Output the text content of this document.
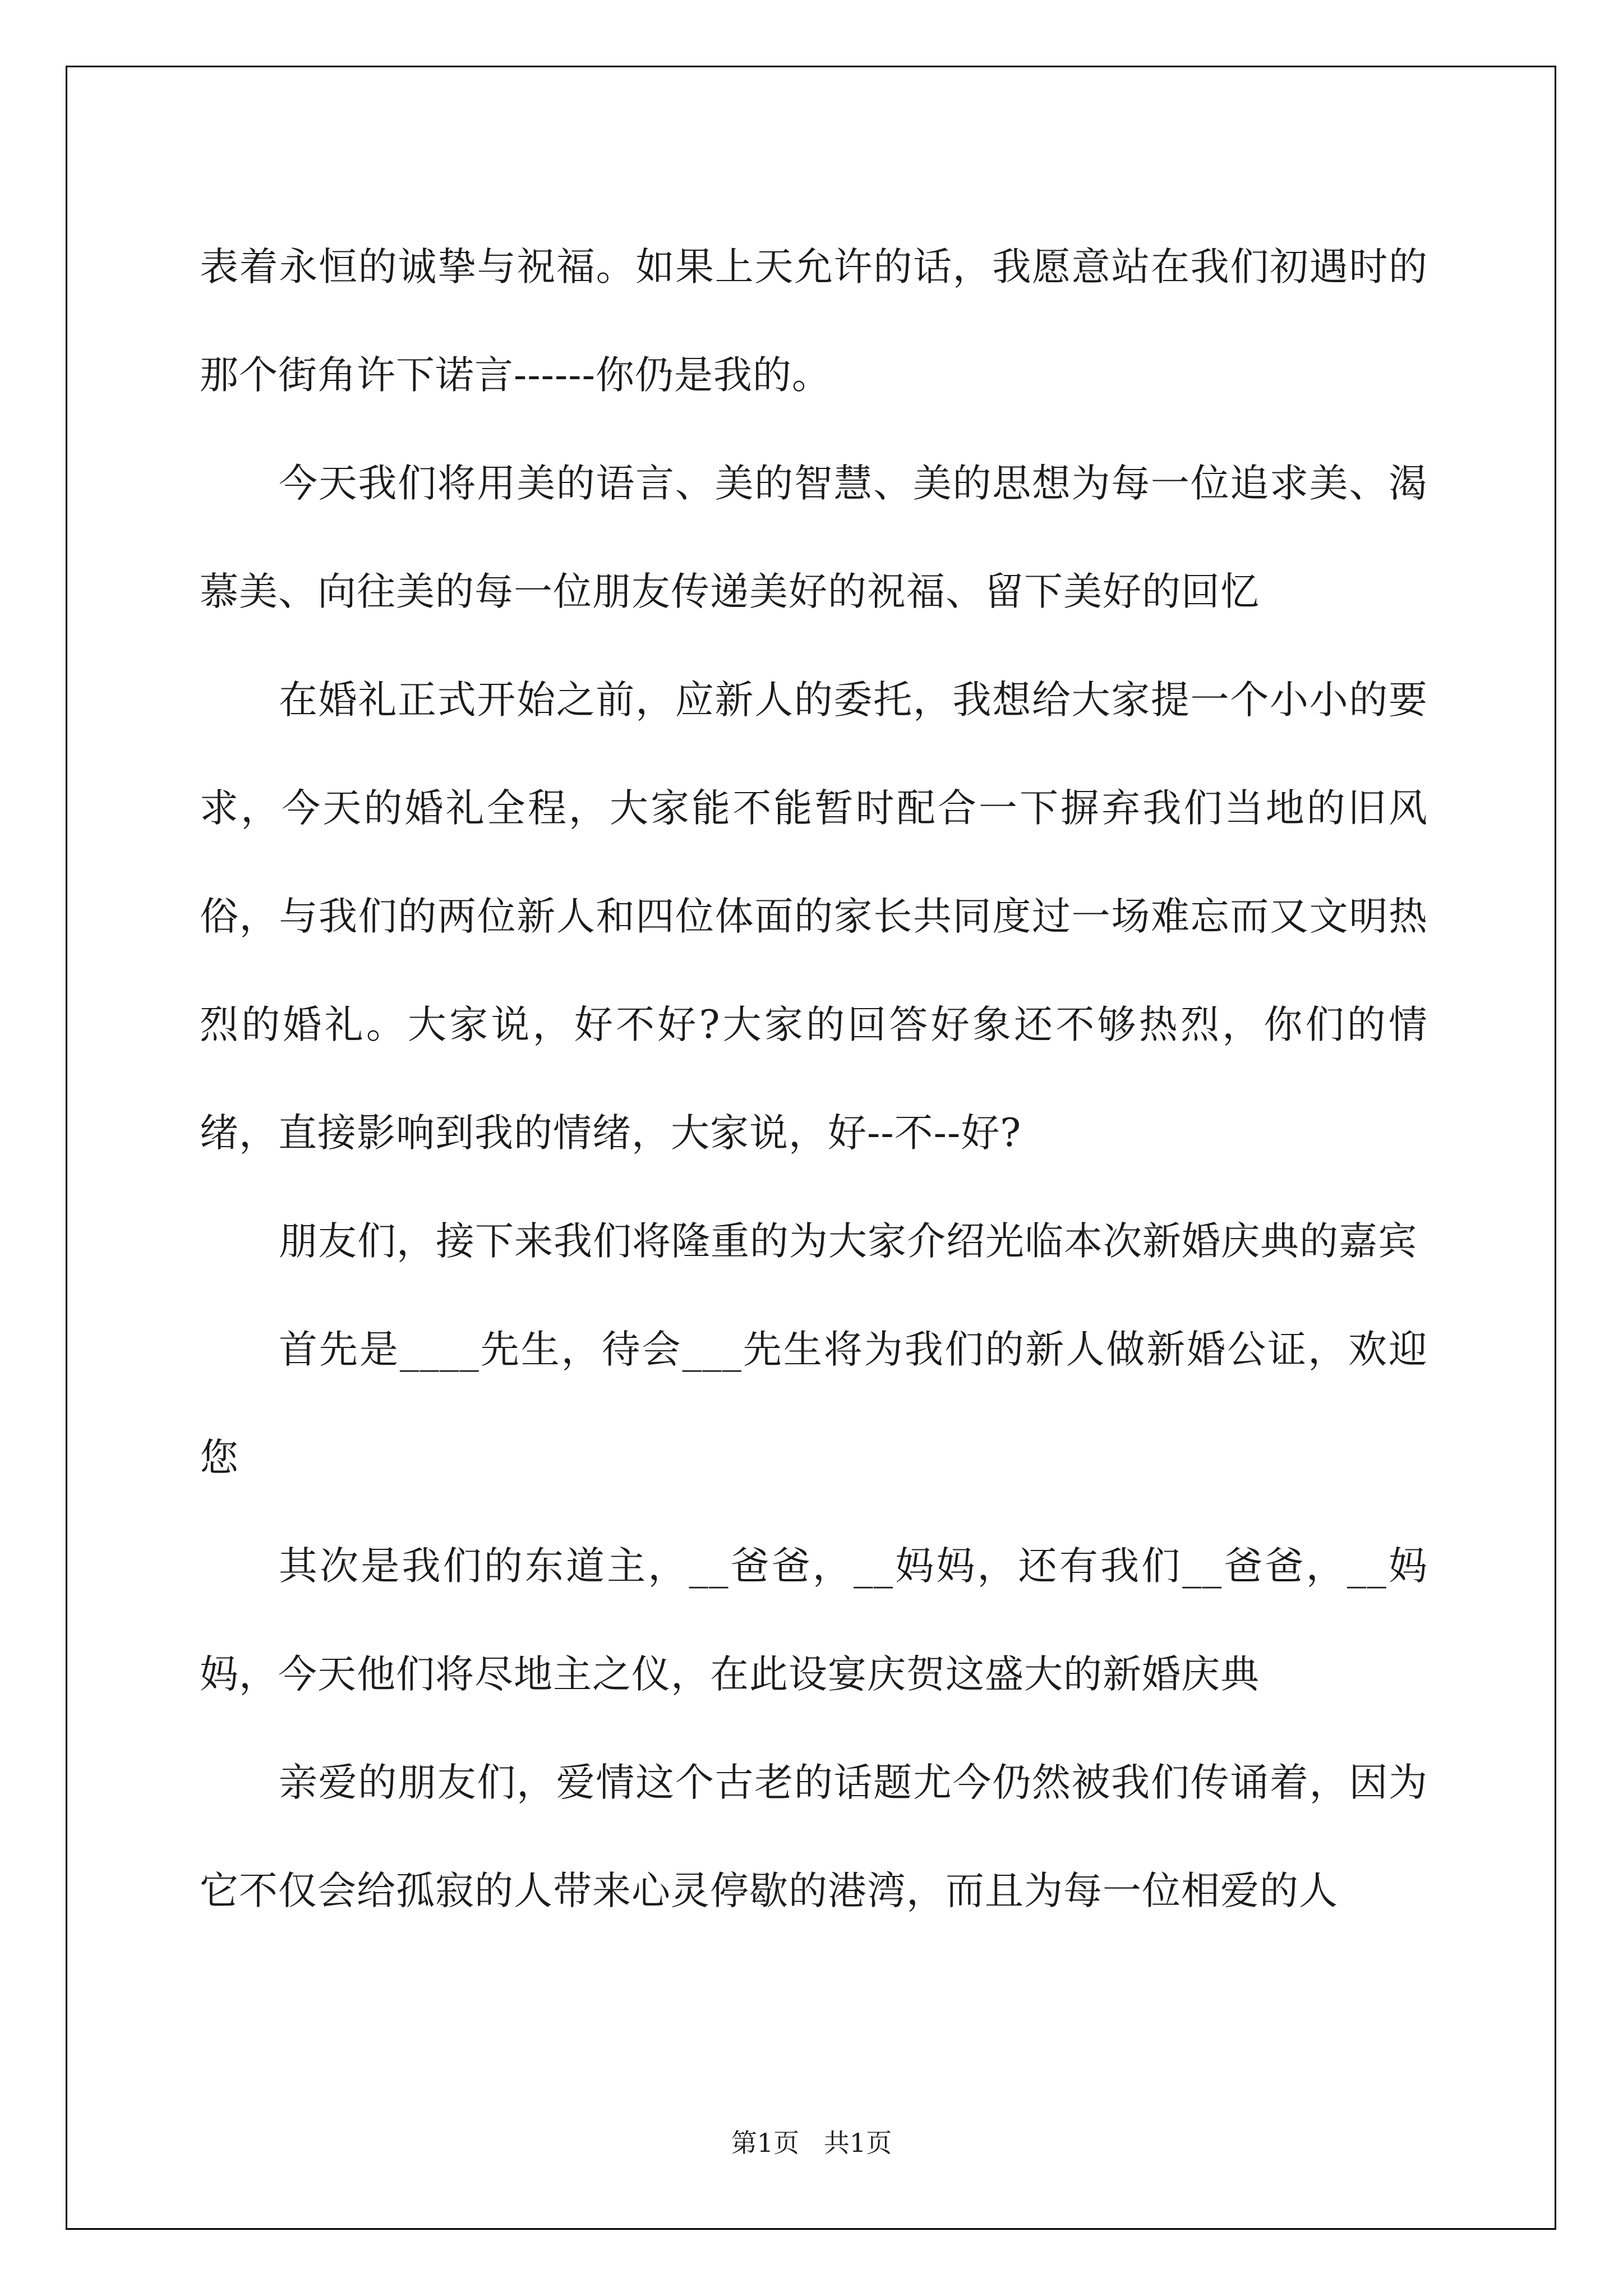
表着永恒的诚挚与祝福。如果上天允许的话，我愿意站在我们初遇时的那个街角许下诺言------你仍是我的。

今天我们将用美的语言、美的智慧、美的思想为每一位追求美、渴慕美、向往美的每一位朋友传递美好的祝福、留下美好的回忆

在婚礼正式开始之前，应新人的委托，我想给大家提一个小小的要求，今天的婚礼全程，大家能不能暂时配合一下摒弃我们当地的旧风俗，与我们的两位新人和四位体面的家长共同度过一场难忘而又文明热烈的婚礼。大家说，好不好?大家的回答好象还不够热烈，你们的情绪，直接影响到我的情绪，大家说，好--不--好?

朋友们，接下来我们将隆重的为大家介绍光临本次新婚庆典的嘉宾

首先是____先生，待会___先生将为我们的新人做新婚公证，欢迎您

其次是我们的东道主，__爸爸，__妈妈，还有我们__爸爸，__妈妈，今天他们将尽地主之仪，在此设宴庆贺这盛大的新婚庆典

亲爱的朋友们，爱情这个古老的话题尤今仍然被我们传诵着，因为它不仅会给孤寂的人带来心灵停歇的港湾，而且为每一位相爱的人

第1页   共1页
